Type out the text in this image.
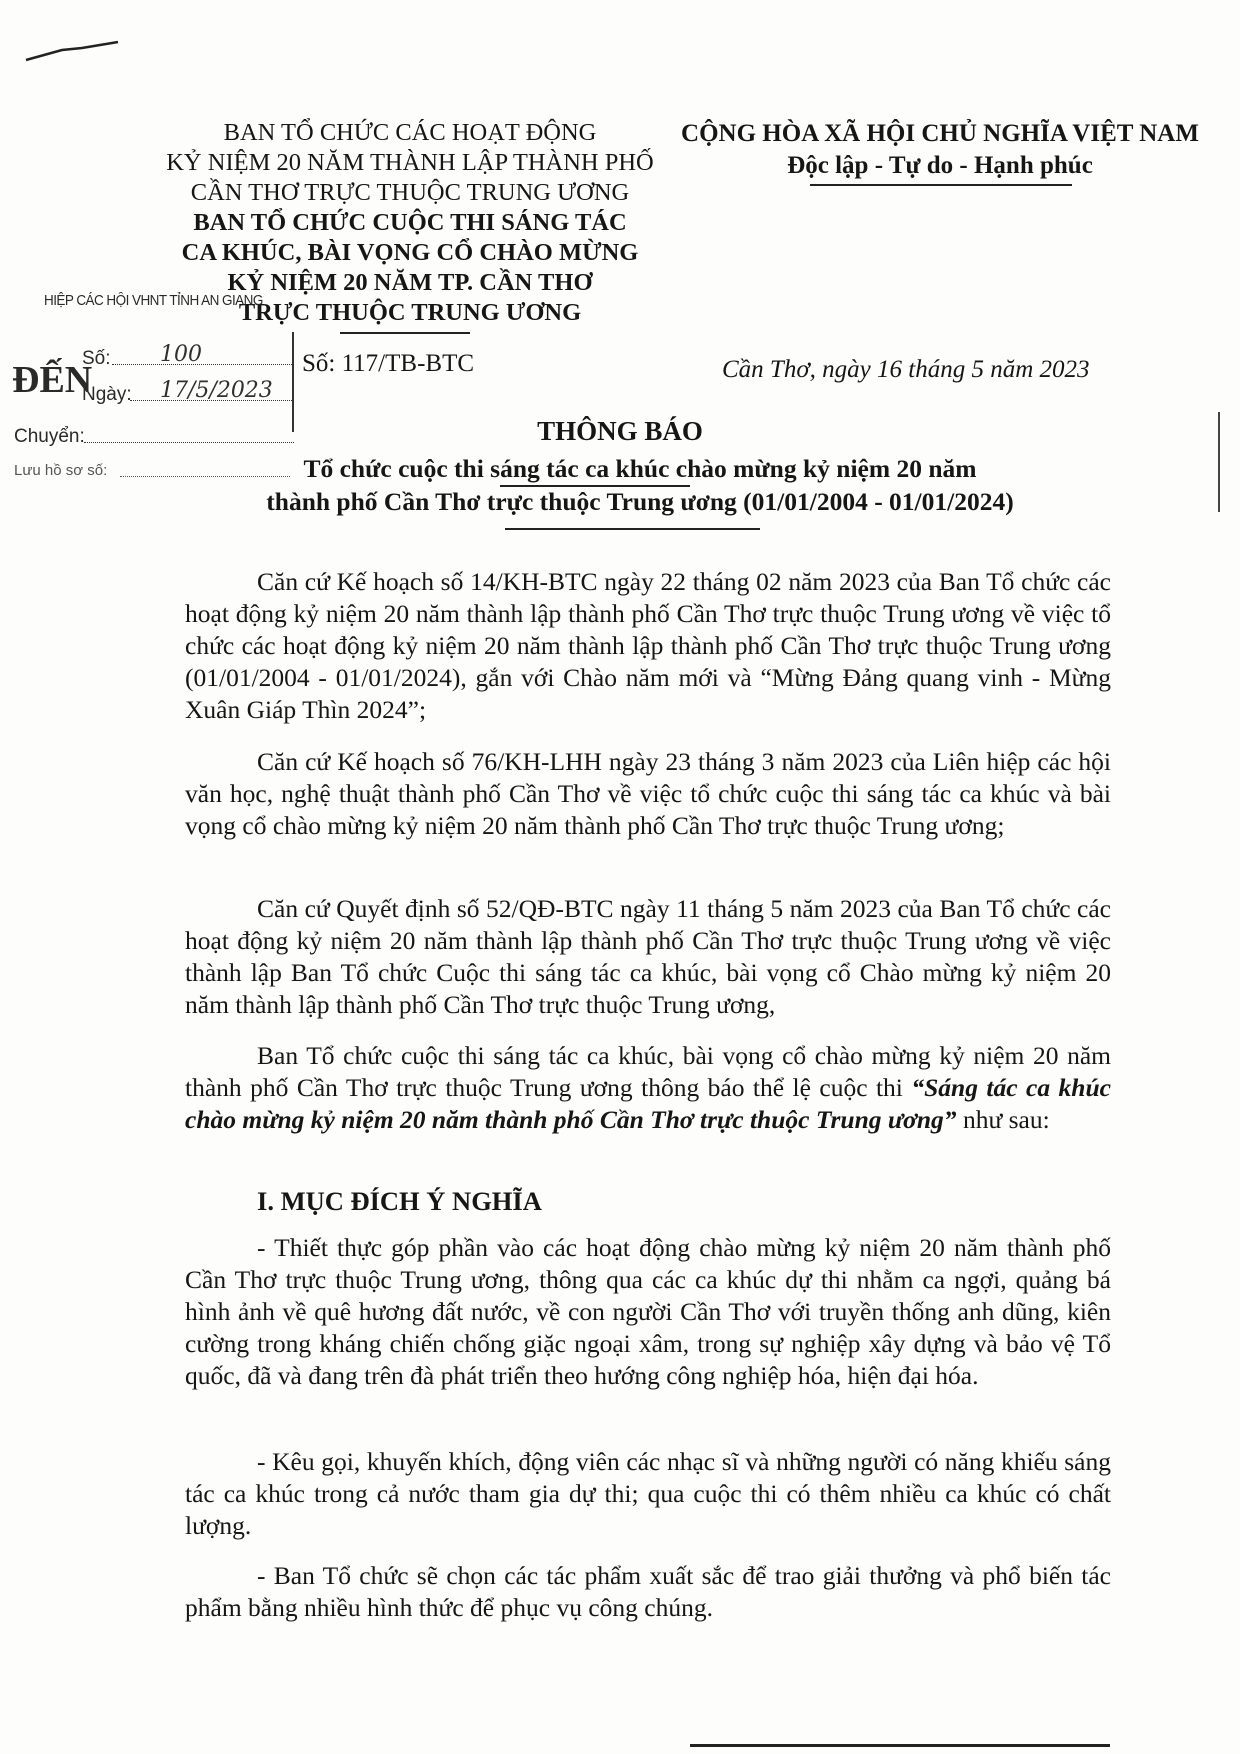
BAN TỔ CHỨC CÁC HOẠT ĐỘNG
KỶ NIỆM 20 NĂM THÀNH LẬP THÀNH PHỐ
CẦN THƠ TRỰC THUỘC TRUNG ƯƠNG
BAN TỔ CHỨC CUỘC THI SÁNG TÁC
CA KHÚC, BÀI VỌNG CỔ CHÀO MỪNG
KỶ NIỆM 20 NĂM TP. CẦN THƠ
TRỰC THUỘC TRUNG ƯƠNG
CỘNG HÒA XÃ HỘI CHỦ NGHĨA VIỆT NAM
Độc lập - Tự do - Hạnh phúc
HIỆP CÁC HỘI VHNT TỈNH AN GIANG
ĐẾN
Số: 100
Ngày: 17/5/2023
Chuyển:
Lưu hồ sơ số:
Số: 117/TB-BTC	Cần Thơ, ngày 16 tháng 5 năm 2023
THÔNG BÁO
Tổ chức cuộc thi sáng tác ca khúc chào mừng kỷ niệm 20 năm
thành phố Cần Thơ trực thuộc Trung ương (01/01/2004 - 01/01/2024)
Căn cứ Kế hoạch số 14/KH-BTC ngày 22 tháng 02 năm 2023 của Ban Tổ chức các hoạt động kỷ niệm 20 năm thành lập thành phố Cần Thơ trực thuộc Trung ương về việc tổ chức các hoạt động kỷ niệm 20 năm thành lập thành phố Cần Thơ trực thuộc Trung ương (01/01/2004 - 01/01/2024), gắn với Chào năm mới và “Mừng Đảng quang vinh - Mừng Xuân Giáp Thìn 2024”;
Căn cứ Kế hoạch số 76/KH-LHH ngày 23 tháng 3 năm 2023 của Liên hiệp các hội văn học, nghệ thuật thành phố Cần Thơ về việc tổ chức cuộc thi sáng tác ca khúc và bài vọng cổ chào mừng kỷ niệm 20 năm thành phố Cần Thơ trực thuộc Trung ương;
Căn cứ Quyết định số 52/QĐ-BTC ngày 11 tháng 5 năm 2023 của Ban Tổ chức các hoạt động kỷ niệm 20 năm thành lập thành phố Cần Thơ trực thuộc Trung ương về việc thành lập Ban Tổ chức Cuộc thi sáng tác ca khúc, bài vọng cổ Chào mừng kỷ niệm 20 năm thành lập thành phố Cần Thơ trực thuộc Trung ương,
Ban Tổ chức cuộc thi sáng tác ca khúc, bài vọng cổ chào mừng kỷ niệm 20 năm thành phố Cần Thơ trực thuộc Trung ương thông báo thể lệ cuộc thi “Sáng tác ca khúc chào mừng kỷ niệm 20 năm thành phố Cần Thơ trực thuộc Trung ương” như sau:
I. MỤC ĐÍCH Ý NGHĨA
- Thiết thực góp phần vào các hoạt động chào mừng kỷ niệm 20 năm thành phố Cần Thơ trực thuộc Trung ương, thông qua các ca khúc dự thi nhằm ca ngợi, quảng bá hình ảnh về quê hương đất nước, về con người Cần Thơ với truyền thống anh dũng, kiên cường trong kháng chiến chống giặc ngoại xâm, trong sự nghiệp xây dựng và bảo vệ Tổ quốc, đã và đang trên đà phát triển theo hướng công nghiệp hóa, hiện đại hóa.
- Kêu gọi, khuyến khích, động viên các nhạc sĩ và những người có năng khiếu sáng tác ca khúc trong cả nước tham gia dự thi; qua cuộc thi có thêm nhiều ca khúc có chất lượng.
- Ban Tổ chức sẽ chọn các tác phẩm xuất sắc để trao giải thưởng và phổ biến tác phẩm bằng nhiều hình thức để phục vụ công chúng.
